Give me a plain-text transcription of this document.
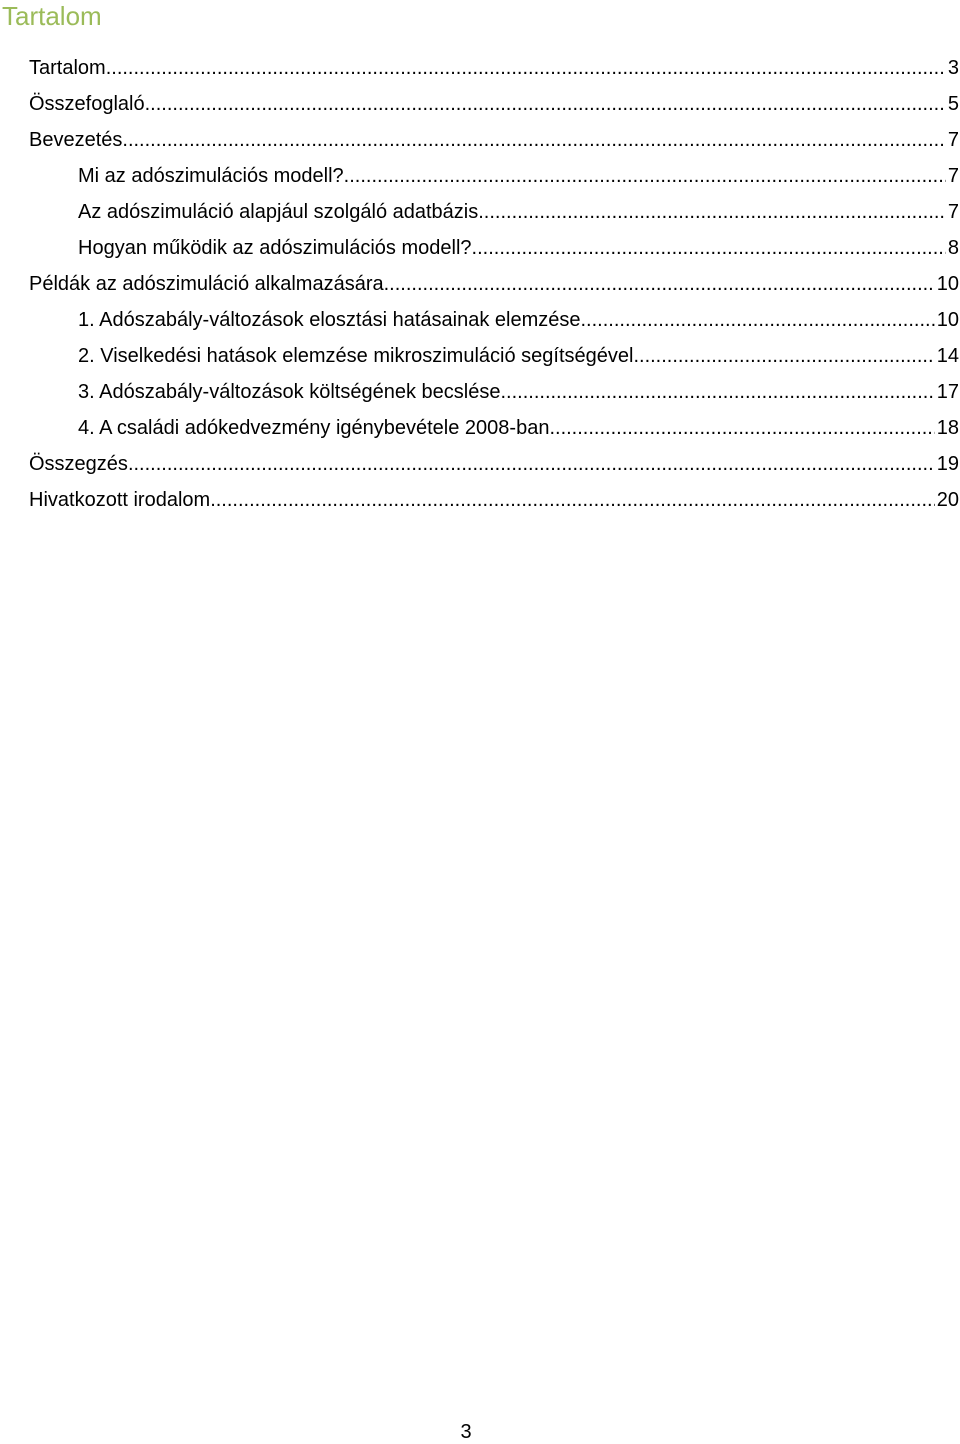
Tartalom
Tartalom .....	3
Összefoglaló .....	5
Bevezetés .....	7
Mi az adószimulációs modell? .....	7
Az adószimuláció alapjául szolgáló adatbázis .....	7
Hogyan működik az adószimulációs modell? .....	8
Példák az adószimuláció alkalmazására .....	10
1. Adószabály-változások elosztási hatásainak elemzése .....	10
2. Viselkedési hatások elemzése mikroszimuláció segítségével .....	14
3. Adószabály-változások költségének becslése .....	17
4. A családi adókedvezmény igénybevétele 2008-ban .....	18
Összegzés .....	19
Hivatkozott irodalom .....	20
3
